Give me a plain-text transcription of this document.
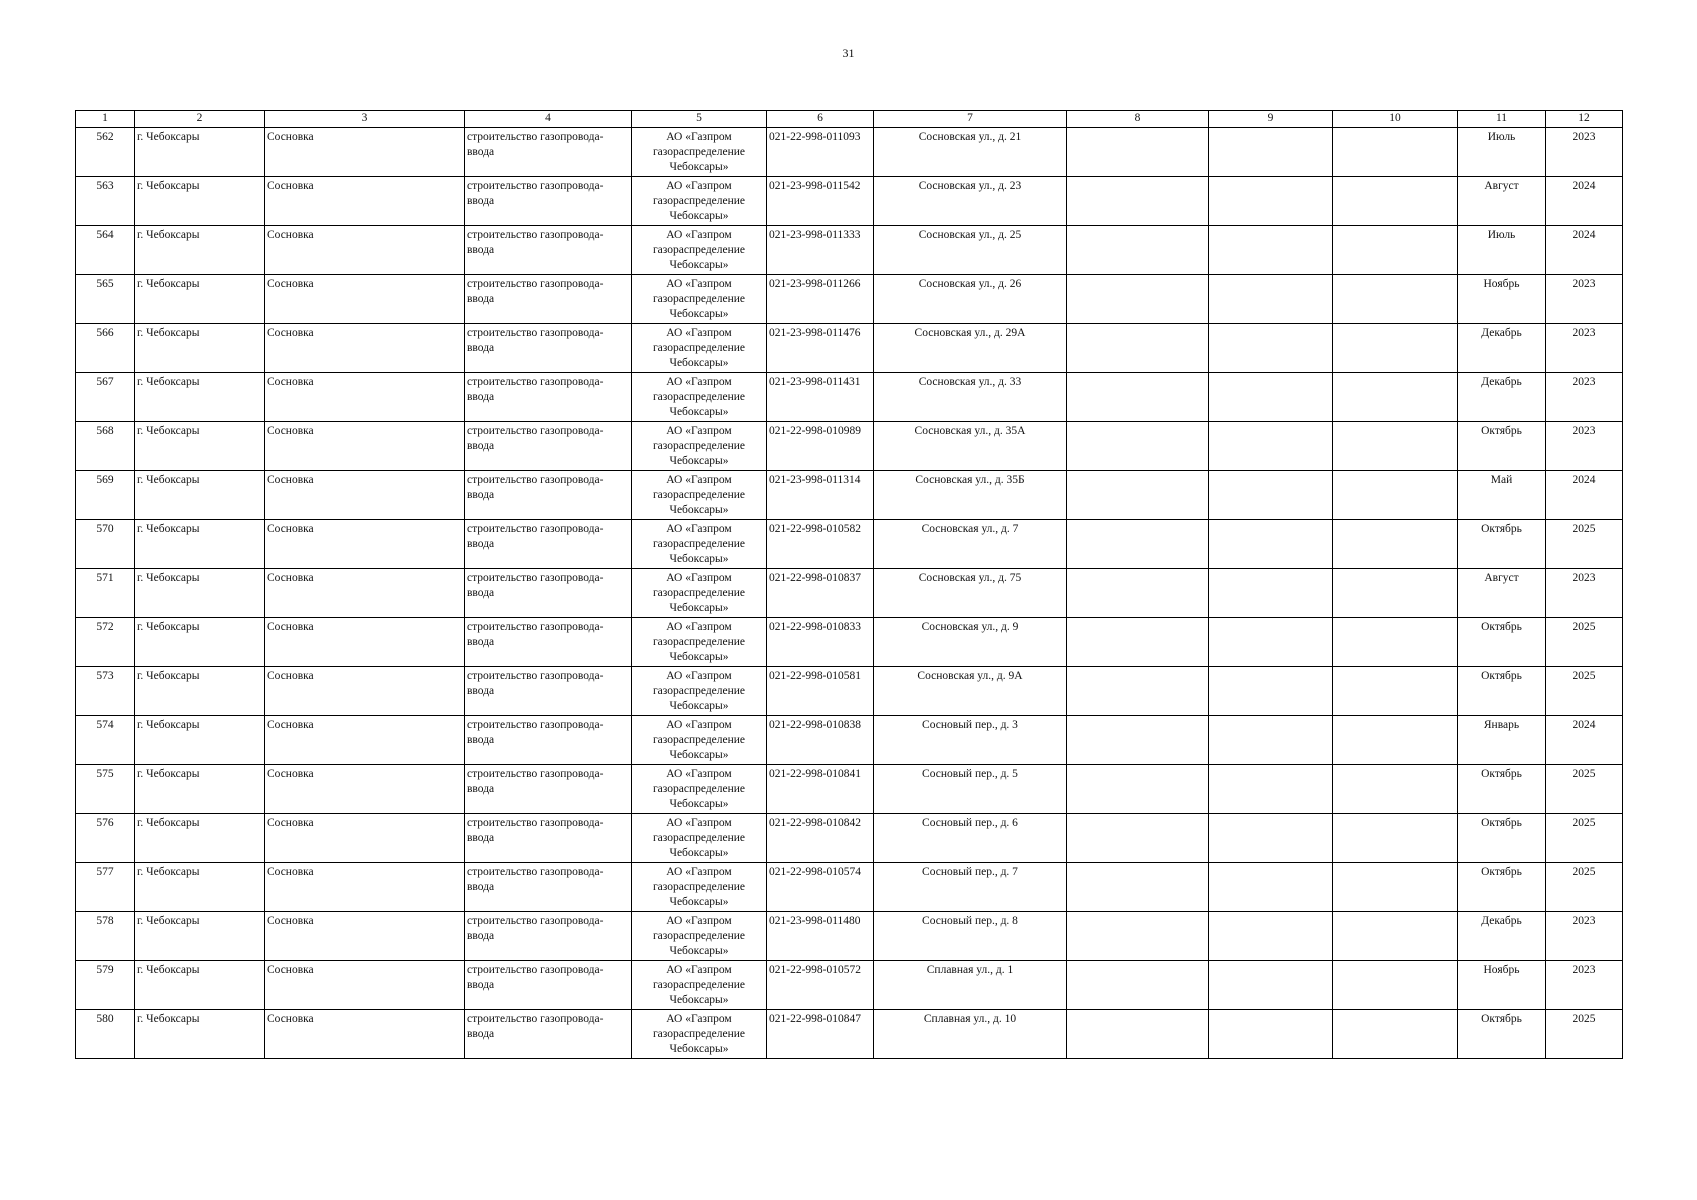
31
1	2	3	4	5	6	7	8	9	10	11	12
562	г. Чебоксары	Сосновка	строительство газопровода-ввода	АО «Газпром газораспределение Чебоксары»	021-22-998-011093	Сосновская ул., д. 21				Июль	2023
563	г. Чебоксары	Сосновка	строительство газопровода-ввода	АО «Газпром газораспределение Чебоксары»	021-23-998-011542	Сосновская ул., д. 23				Август	2024
564	г. Чебоксары	Сосновка	строительство газопровода-ввода	АО «Газпром газораспределение Чебоксары»	021-23-998-011333	Сосновская ул., д. 25				Июль	2024
565	г. Чебоксары	Сосновка	строительство газопровода-ввода	АО «Газпром газораспределение Чебоксары»	021-23-998-011266	Сосновская ул., д. 26				Ноябрь	2023
566	г. Чебоксары	Сосновка	строительство газопровода-ввода	АО «Газпром газораспределение Чебоксары»	021-23-998-011476	Сосновская ул., д. 29А				Декабрь	2023
567	г. Чебоксары	Сосновка	строительство газопровода-ввода	АО «Газпром газораспределение Чебоксары»	021-23-998-011431	Сосновская ул., д. 33				Декабрь	2023
568	г. Чебоксары	Сосновка	строительство газопровода-ввода	АО «Газпром газораспределение Чебоксары»	021-22-998-010989	Сосновская ул., д. 35А				Октябрь	2023
569	г. Чебоксары	Сосновка	строительство газопровода-ввода	АО «Газпром газораспределение Чебоксары»	021-23-998-011314	Сосновская ул., д. 35Б				Май	2024
570	г. Чебоксары	Сосновка	строительство газопровода-ввода	АО «Газпром газораспределение Чебоксары»	021-22-998-010582	Сосновская ул., д. 7				Октябрь	2025
571	г. Чебоксары	Сосновка	строительство газопровода-ввода	АО «Газпром газораспределение Чебоксары»	021-22-998-010837	Сосновская ул., д. 75				Август	2023
572	г. Чебоксары	Сосновка	строительство газопровода-ввода	АО «Газпром газораспределение Чебоксары»	021-22-998-010833	Сосновская ул., д. 9				Октябрь	2025
573	г. Чебоксары	Сосновка	строительство газопровода-ввода	АО «Газпром газораспределение Чебоксары»	021-22-998-010581	Сосновская ул., д. 9А				Октябрь	2025
574	г. Чебоксары	Сосновка	строительство газопровода-ввода	АО «Газпром газораспределение Чебоксары»	021-22-998-010838	Сосновый пер., д. 3				Январь	2024
575	г. Чебоксары	Сосновка	строительство газопровода-ввода	АО «Газпром газораспределение Чебоксары»	021-22-998-010841	Сосновый пер., д. 5				Октябрь	2025
576	г. Чебоксары	Сосновка	строительство газопровода-ввода	АО «Газпром газораспределение Чебоксары»	021-22-998-010842	Сосновый пер., д. 6				Октябрь	2025
577	г. Чебоксары	Сосновка	строительство газопровода-ввода	АО «Газпром газораспределение Чебоксары»	021-22-998-010574	Сосновый пер., д. 7				Октябрь	2025
578	г. Чебоксары	Сосновка	строительство газопровода-ввода	АО «Газпром газораспределение Чебоксары»	021-23-998-011480	Сосновый пер., д. 8				Декабрь	2023
579	г. Чебоксары	Сосновка	строительство газопровода-ввода	АО «Газпром газораспределение Чебоксары»	021-22-998-010572	Сплавная ул., д. 1				Ноябрь	2023
580	г. Чебоксары	Сосновка	строительство газопровода-ввода	АО «Газпром газораспределение Чебоксары»	021-22-998-010847	Сплавная ул., д. 10				Октябрь	2025
